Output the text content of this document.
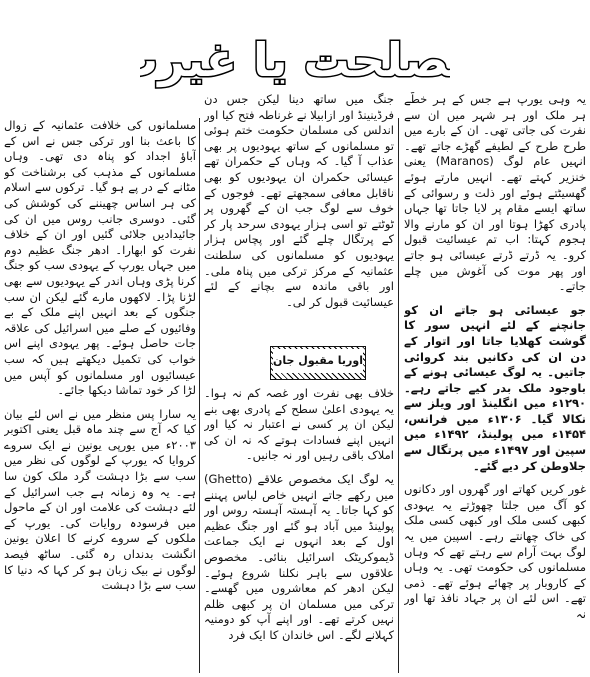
صلحت یا غیر	صلحت یا غیر

یہ وہی یورپ ہے جس کے ہر خطّے ہر ملک اور ہر شہر میں ان سے نفرت کی جاتی تھی۔ ان کے بارے میں طرح طرح کے لطیفے گھڑے جاتے تھے۔ انہیں عام لوگ (Maranos) یعنی خنزیر کہتے تھے۔ انہیں مارتے ہوئے گھسیٹتے ہوئے اور ذلت و رسوائی کے ساتھ ایسے مقام پر لایا جاتا تھا جہاں پادری کھڑا ہوتا اور ان کو مارنے والا ہجوم کہتا: اب تم عیسائیت قبول کرو۔ یہ ڈرتے ڈرتے عیسائی ہو جاتے اور پھر موت کی آغوش میں چلے جاتے۔

جو عیسائی ہو جاتے ان کو جانچنے کے لئے انہیں سور کا گوشت کھلایا جاتا اور اتوار کے دن ان کی دکانیں بند کروائی جاتیں۔ یہ لوگ عیسائی ہونے کے باوجود ملک بدر کیے جاتے رہے۔ ۱۲۹۰ء میں انگلینڈ اور ویلز سے نکالا گیا۔ ۱۳۰۶ء میں فرانس، ۱۴۵۴ء میں پولینڈ، ۱۴۹۲ء میں سپین اور ۱۴۹۷ء میں پرتگال سے جلاوطن کر دیے گئے۔

غور کریں کھاتے اور گھروں اور دکانوں کو آگ میں جلتا چھوڑتے یہ یہودی کبھی کسی ملک اور کبھی کسی ملک کی خاک چھانتے رہے۔ اسپین میں یہ لوگ بہت آرام سے رہتے تھے کہ وہاں مسلمانوں کی حکومت تھی۔ یہ وہاں کے کاروبار پر چھائے ہوئے تھے۔ ذمی تھے۔ اس لئے ان پر جہاد نافذ تھا اور نہ

جنگ میں ساتھ دینا لیکن جس دن فرڈینینڈ اور ازابیلا نے غرناطہ فتح کیا اور اندلس کی مسلمان حکومت ختم ہوئی تو مسلمانوں کے ساتھ یہودیوں پر بھی عذاب آ گیا۔ کہ وہاں کے حکمران تھے عیسائی حکمران ان یہودیوں کو بھی ناقابل معافی سمجھتے تھے۔ فوجوں کے خوف سے لوگ جب ان کے گھروں پر ٹوٹتے تو اسی ہزار یہودی سرحد پار کر کے پرتگال چلے گئے اور پچاس ہزار یہودیوں کو مسلمانوں کی سلطنت عثمانیہ کے مرکز ترکی میں پناہ ملی۔ اور باقی ماندہ سے بچانے کے لئے عیسائیت قبول کر لی۔

خلاف بھی نفرت اور غصہ کم نہ ہوا۔ یہ یہودی اعلیٰ سطح کے پادری بھی بنے لیکن ان پر کسی نے اعتبار نہ کیا اور انہیں اپنے فسادات ہوتے کہ نہ ان کی املاک باقی رہیں اور نہ جانیں۔

یہ لوگ ایک مخصوص علاقے (Ghetto) میں رکھے جاتے انہیں خاص لباس پہننے کو کہا جاتا۔ یہ آہستہ آہستہ روس اور پولینڈ میں آباد ہو گئے اور جنگ عظیم اول کے بعد انہوں نے ایک جماعت ڈیموکریٹک اسرائیل بنائی۔ مخصوص علاقوں سے باہر نکلنا شروع ہوئے۔ لیکن ادھر کم معاشروں میں گھسے۔ ترکی میں مسلمان ان پر کبھی ظلم نہیں کرتے تھے۔ اور اپنے آپ کو دومنیہ کہلانے لگے۔ اس خاندان کا ایک فرد

اوریا مقبول جان

مسلمانوں کی خلافت عثمانیہ کے زوال کا باعث بنا اور ترکی جس نے اس کے آباؤ اجداد کو پناہ دی تھی۔ وہاں مسلمانوں کے مذہب کی برشناخت کو مٹانے کے در پے ہو گیا۔ ترکوں سے اسلام کی ہر اساس چھیننے کی کوشش کی گئی۔ دوسری جانب روس میں ان کی جائیدادیں جلائی گئیں اور ان کے خلاف نفرت کو ابھارا۔ ادھر جنگ عظیم دوم میں جہاں یورپ کے یہودی سب کو جنگ کرنا پڑی وہاں اندر کے یہودیوں سے بھی لڑنا پڑا۔ لاکھوں مارے گئے لیکن ان سب جنگوں کے بعد انہیں اپنے ملک کے بے وفائیوں کے صلے میں اسرائیل کی علاقہ جات حاصل ہوئے۔ پھر یہودی اپنے اس خواب کی تکمیل دیکھتے ہیں کہ سب عیسائیوں اور مسلمانوں کو آپس میں لڑا کر خود تماشا دیکھا جائے۔

یہ سارا پس منظر میں نے اس لئے بیان کیا کہ آج سے چند ماہ قبل یعنی اکتوبر ۲۰۰۳ء میں یورپی یونین نے ایک سروے کروایا کہ یورپ کے لوگوں کی نظر میں سب سے بڑا دہشت گرد ملک کون سا ہے۔ یہ وہ زمانہ ہے جب اسرائیل کے لئے دہشت کی علامت اور ان کے ماحول میں فرسودہ روایات کی۔ یورپ کے ملکوں کے سروے کرنے کا اعلان یونین انگشت بدنداں رہ گئی۔ ساٹھ فیصد لوگوں نے بیک زبان ہو کر کہا کہ دنیا کا سب سے بڑا دہشت
